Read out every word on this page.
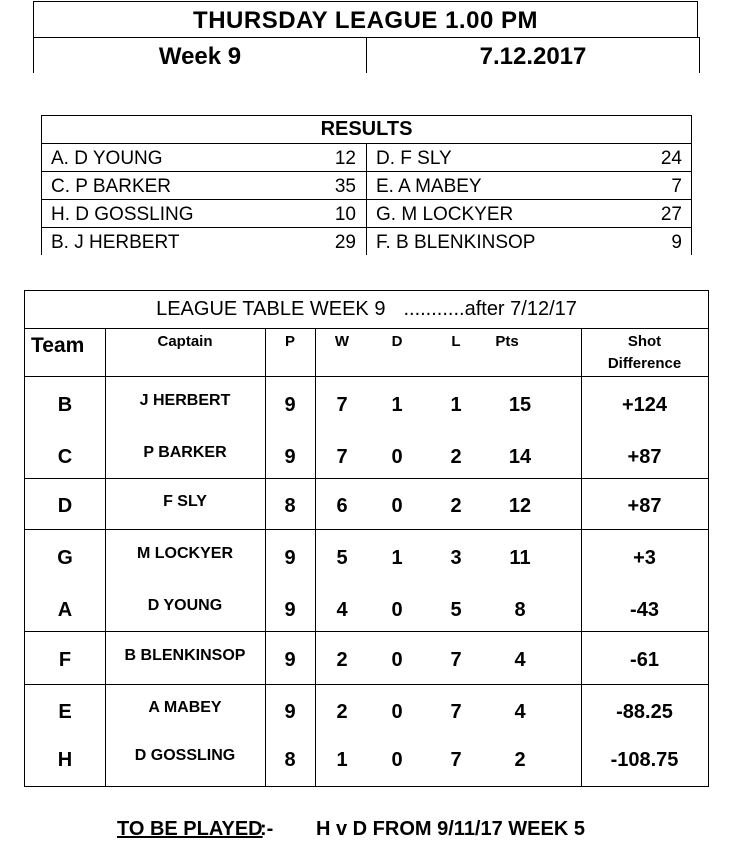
THURSDAY LEAGUE 1.00 PM
Week 9	7.12.2017
RESULTS
A. D YOUNG	12 D. F SLY	24
C. P BARKER	35 E. A MABEY	7
H. D GOSSLING	10 G. M LOCKYER	27
B. J HERBERT	29 F. B BLENKINSOP	9
LEAGUE TABLE WEEK 9 ...........after 7/12/17
Team	Captain	P	W	D	L	Pts	Shot
Difference
B	J HERBERT	9	7	1	1	15	+124
C	P BARKER	9	7	0	2	14	+87
D	F SLY	8	6	0	2	12	+87
G	M LOCKYER	9	5	1	3	11	+3
A	D YOUNG	9	4	0	5	8	-43
F	B BLENKINSOP	9	2	0	7	4	-61
E	A MABEY	9	2	0	7	4	-88.25
H	D GOSSLING	8	1	0	7	2	-108.75
TO BE PLAYED
:- H v D FROM 9/11/17 WEEK 5
